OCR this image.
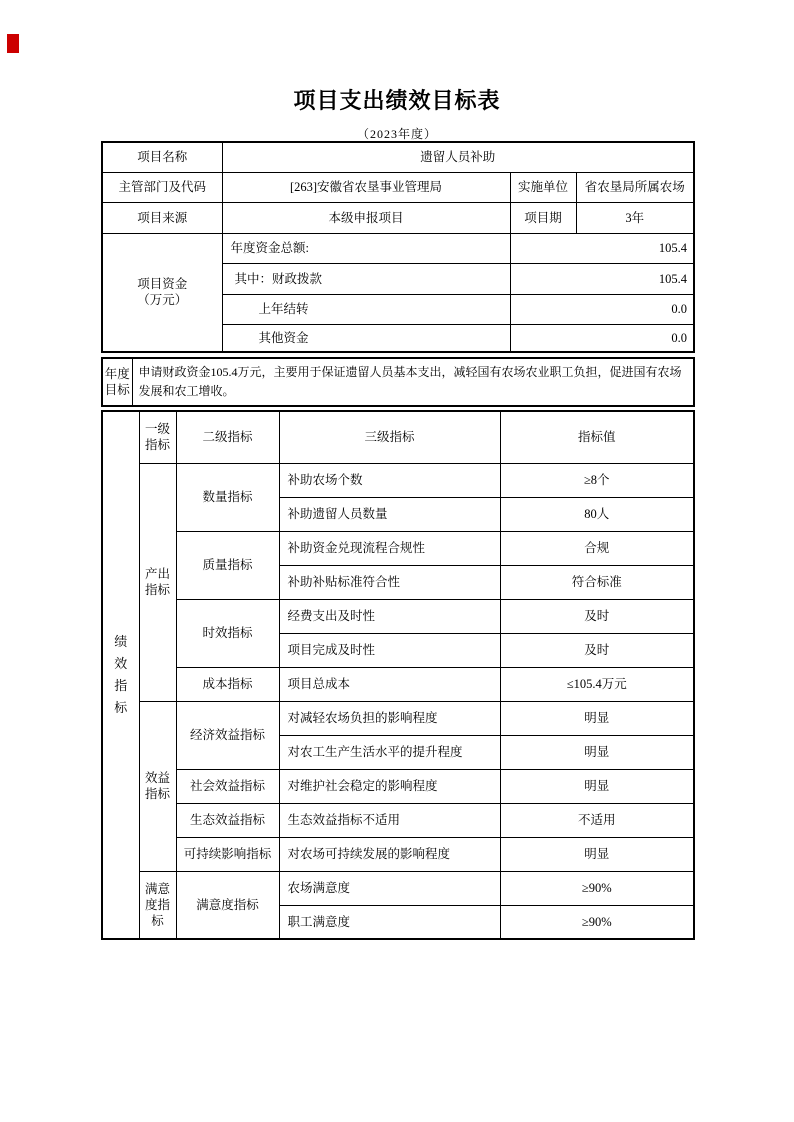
项目支出绩效目标表
（2023年度）
项目名称	遗留人员补助		
主管部门及代码	[263]安徽省农垦事业管理局	实施单位	省农垦局所属农场
项目来源	本级申报项目	项目期	3年

项目资金
（万元）	年度资金总额:	105.4	
	其中：财政拨款	105.4	
	上年结转	0.0	
	其他资金	0.0	
年度目标	申请财政资金105.4万元，主要用于保证遗留人员基本支出，减轻国有农场农业职工负担，促进国有农场发展和农工增收。
绩效指标	一级指标	二级指标	三级指标	指标值
	产出指标	数量指标	补助农场个数	≥8个
			补助遗留人员数量	80人
		质量指标	补助资金兑现流程合规性	合规
			补助补贴标准符合性	符合标准
		时效指标	经费支出及时性	及时
			项目完成及时性	及时
		成本指标	项目总成本	≤105.4万元
	效益指标	经济效益指标	对减轻农场负担的影响程度	明显
			对农工生产生活水平的提升程度	明显
		社会效益指标	对维护社会稳定的影响程度	明显
		生态效益指标	生态效益指标不适用	不适用
		可持续影响指标	对农场可持续发展的影响程度	明显
	满意度指标	满意度指标	农场满意度	≥90%
			职工满意度	≥90%
